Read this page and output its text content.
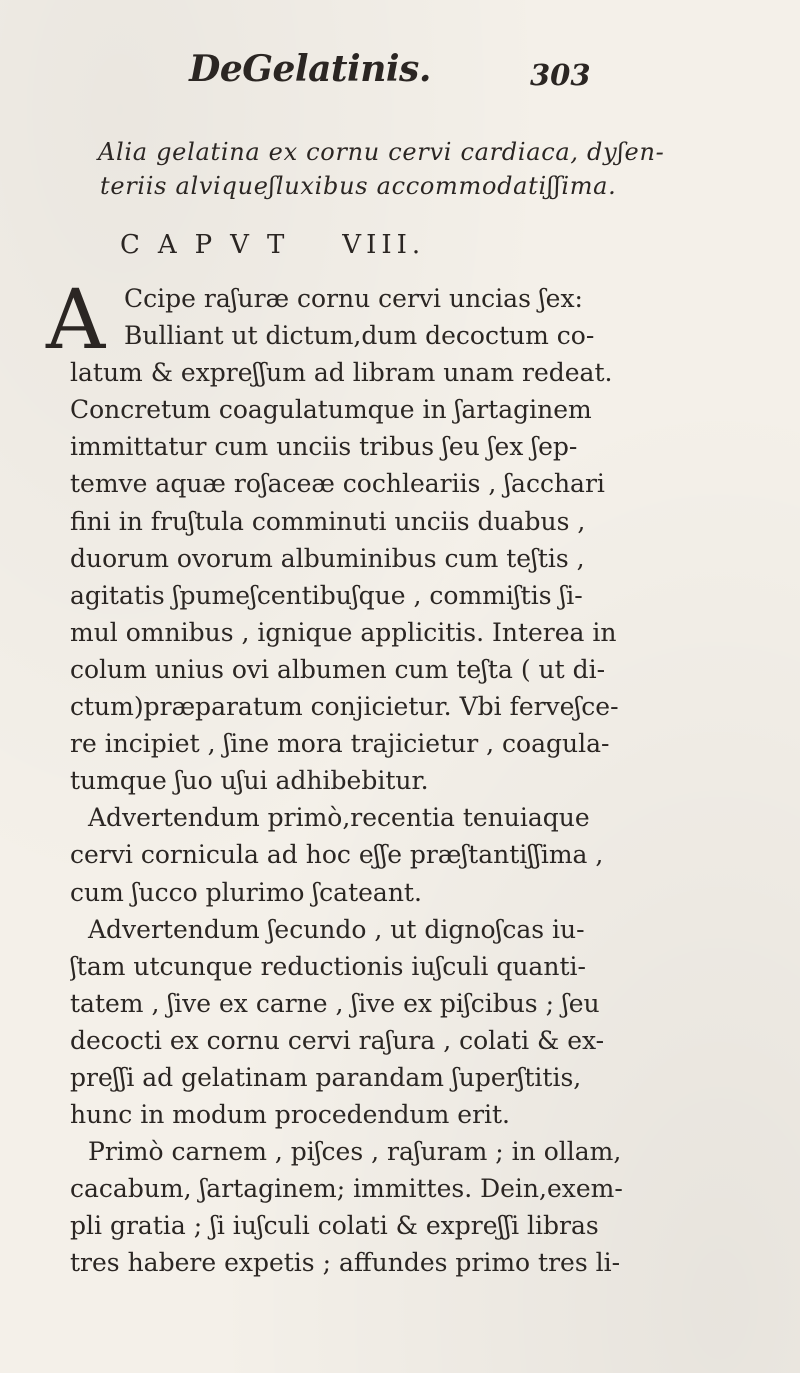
DeGelatinis.	303
Alia gelatina ex cornu cervi cardiaca, dyʃen-
teriis alviqueʃluxibus accommodatiʃʃima.
CAPVT VIII.
A Ccipe raʃuræ cornu cervi uncias ʃex:
Bulliant ut dictum,dum decoctum co-
latum & expreʃʃum ad libram unam redeat.
Concretum coagulatumque in ʃartaginem
immittatur cum unciis tribus ʃeu ʃex ʃep-
temve aquæ roʃaceæ cochleariis , ʃacchari
fini in fruʃtula comminuti unciis duabus ,
duorum ovorum albuminibus cum teʃtis ,
agitatis ʃpumeʃcentibuʃque , commiʃtis ʃi-
mul omnibus , ignique applicitis. Interea in
colum unius ovi albumen cum teʃta ( ut di-
ctum)præparatum conjicietur. Vbi ferveʃce-
re incipiet , ʃine mora trajicietur , coagula-
tumque ʃuo uʃui adhibebitur.
Advertendum primò,recentia tenuiaque
cervi cornicula ad hoc eʃʃe præʃtantiʃʃima ,
cum ʃucco plurimo ʃcateant.
Advertendum ʃecundo , ut dignoʃcas iu-
ʃtam utcunque reductionis iuʃculi quanti-
tatem , ʃive ex carne , ʃive ex piʃcibus ; ʃeu
decocti ex cornu cervi raʃura , colati & ex-
preʃʃi ad gelatinam parandam ʃuperʃtitis,
hunc in modum procedendum erit.
Primò carnem , piʃces , raʃuram ; in ollam,
cacabum, ʃartaginem; immittes. Dein,exem-
pli gratia ; ʃi iuʃculi colati & expreʃʃi libras
tres habere expetis ; affundes primo tres li-
